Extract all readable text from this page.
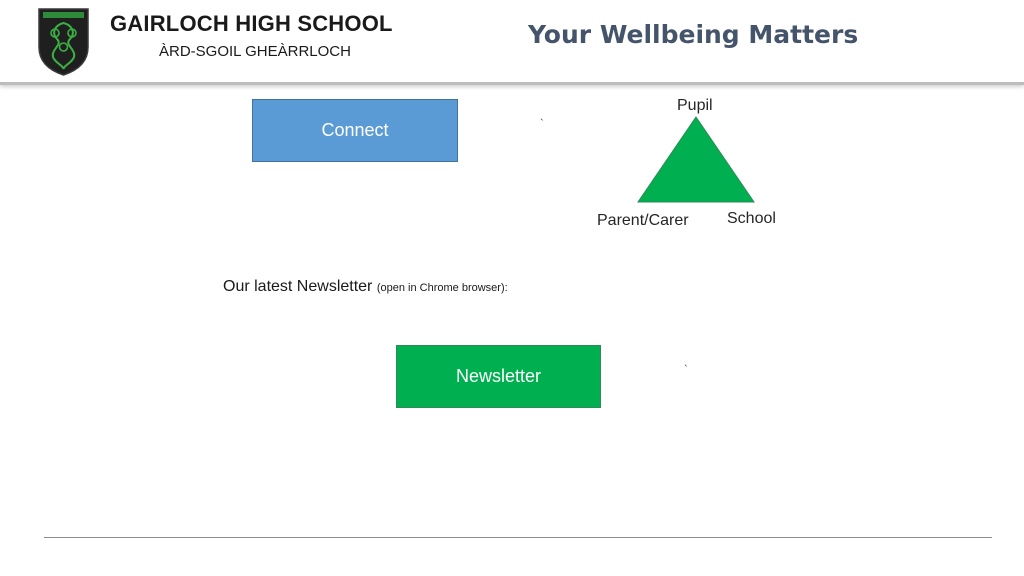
GAIRLOCH HIGH SCHOOL
ÀRD-SGOIL GHEÀRRLOCH
Your Wellbeing Matters
Connect	`
Pupil
Parent/Carer School
Our latest Newsletter (open in Chrome browser):
Newsletter	`
